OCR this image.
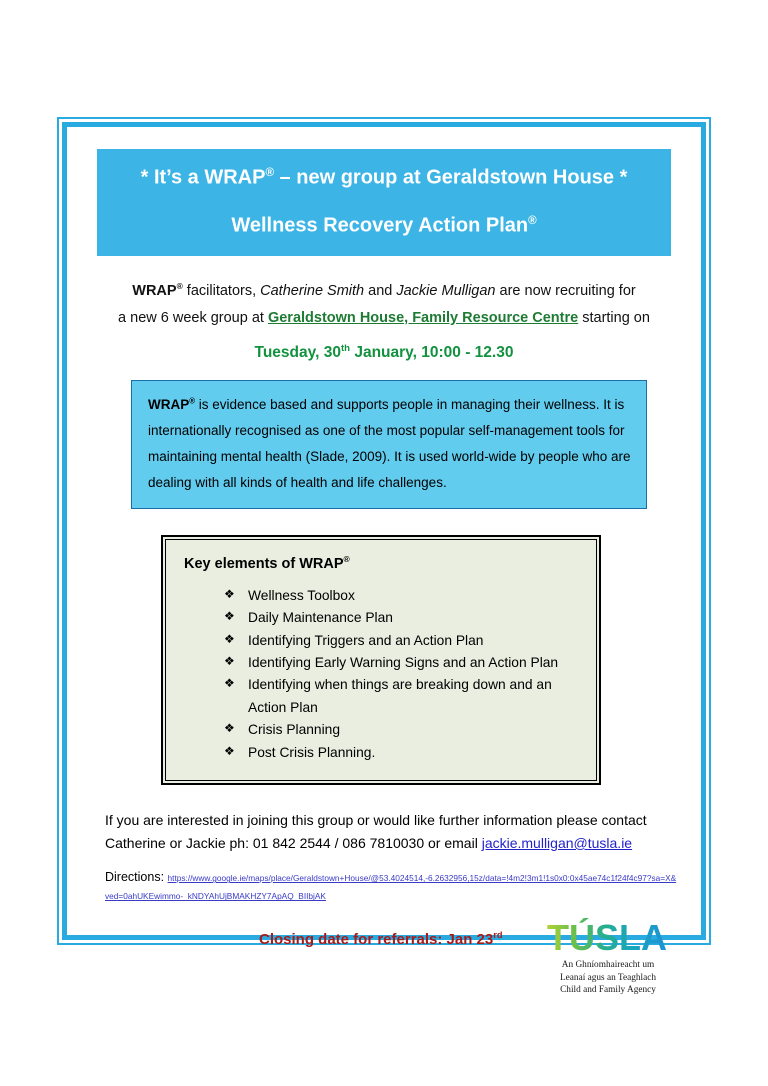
* It’s a WRAP® – new group at Geraldstown House *
Wellness Recovery Action Plan®
WRAP® facilitators, Catherine Smith and Jackie Mulligan are now recruiting for
a new 6 week group at Geraldstown House, Family Resource Centre starting on
Tuesday, 30th January, 10:00 - 12.30
WRAP® is evidence based and supports people in managing their wellness. It is internationally recognised as one of the most popular self-management tools for maintaining mental health (Slade, 2009). It is used world-wide by people who are dealing with all kinds of health and life challenges.
Key elements of WRAP®
❖ Wellness Toolbox
❖ Daily Maintenance Plan
❖ Identifying Triggers and an Action Plan
❖ Identifying Early Warning Signs and an Action Plan
❖ Identifying when things are breaking down and an Action Plan
❖ Crisis Planning
❖ Post Crisis Planning.
If you are interested in joining this group or would like further information please contact
Catherine or Jackie ph: 01 842 2544 / 086 7810030 or email jackie.mulligan@tusla.ie
Directions: https://www.google.ie/maps/place/Geraldstown+House/@53.4024514,-6.2632956,15z/data=!4m2!3m1!1s0x0:0x45ae74c1f24f4c97?sa=X&ved=0ahUKEwimmo-_kNDYAhUjBMAKHZY7ApAQ_BIIbjAK
Closing date for referrals: Jan 23rd TÚSLA
An Ghníomhaireacht um
Leanaí agus an Teaghlach
Child and Family Agency
